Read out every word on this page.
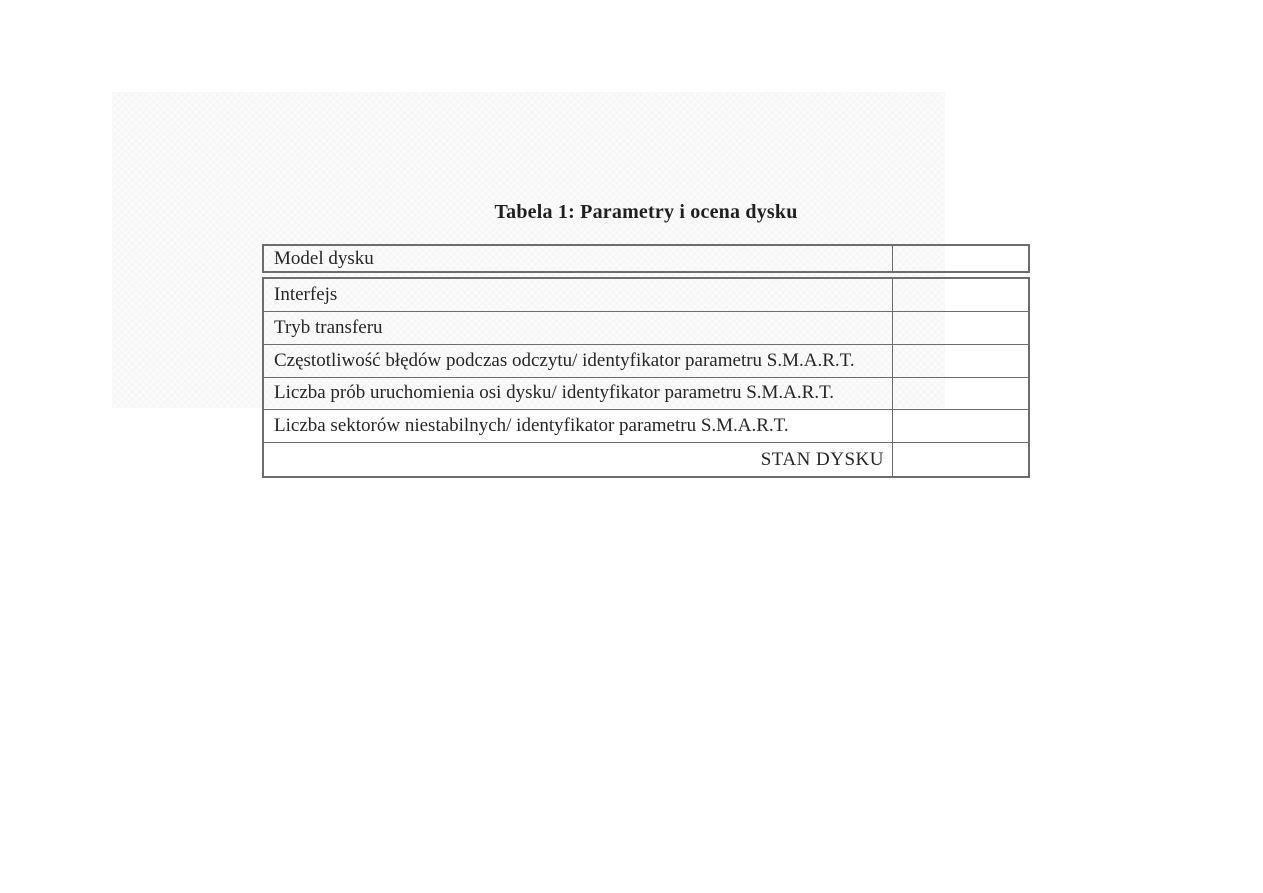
Tabela 1: Parametry i ocena dysku
Model dysku
Interfejs
Tryb transferu
Częstotliwość błędów podczas odczytu/ identyfikator parametru S.M.A.R.T.
Liczba prób uruchomienia osi dysku/ identyfikator parametru S.M.A.R.T.
Liczba sektorów niestabilnych/ identyfikator parametru S.M.A.R.T.
STAN DYSKU
